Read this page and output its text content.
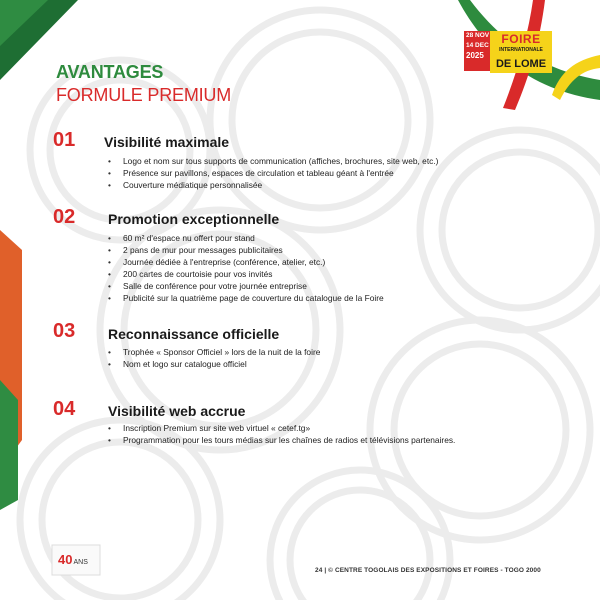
28 NOV
14 DEC
2025
FOIRE
INTERNATIONALE
DE LOME
AVANTAGES
FORMULE PREMIUM
01 Visibilité maximale
• Logo et nom sur tous supports de communication (affiches, brochures, site web, etc.)
• Présence sur pavillons, espaces de circulation et tableau géant à l'entrée
• Couverture médiatique personnalisée
02 Promotion exceptionnelle
• 60 m² d'espace nu offert pour stand
• 2 pans de mur pour messages publicitaires
• Journée dédiée à l'entreprise (conférence, atelier, etc.)
• 200 cartes de courtoisie pour vos invités
• Salle de conférence pour votre journée entreprise
• Publicité sur la quatrième page de couverture du catalogue de la Foire
03 Reconnaissance officielle
• Trophée « Sponsor Officiel » lors de la nuit de la foire
• Nom et logo sur catalogue officiel
04 Visibilité web accrue
• Inscription Premium sur site web virtuel « cetef.tg»
• Programmation pour les tours médias sur les chaînes de radios et télévisions partenaires.
40ANS
24 | © CENTRE TOGOLAIS DES EXPOSITIONS ET FOIRES - TOGO 2000
